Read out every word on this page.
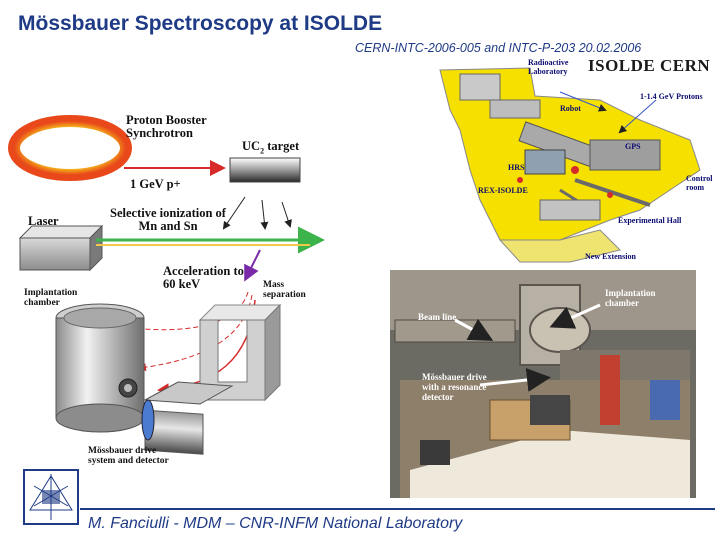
Mössbauer Spectroscopy at ISOLDE
CERN-INTC-2006-005 and INTC-P-203 20.02.2006
ISOLDE CERN
Proton Booster Synchrotron
$UC_2$ target
1 GeV p+
Laser
Selective ionization of Mn and Sn
Acceleration to 60 keV	Mass separation
Implantation chamber
Mössbauer drive system and detector
Radioactive Laboratory
Robot
1-1.4 GeV Protons
GPS
HRS
REX-ISOLDE
Control room
Experimental Hall
New Extension
Implantation chamber
Beam line
Mössbauer drive with a resonance detector
M. Fanciulli - MDM – CNR-INFM National Laboratory
